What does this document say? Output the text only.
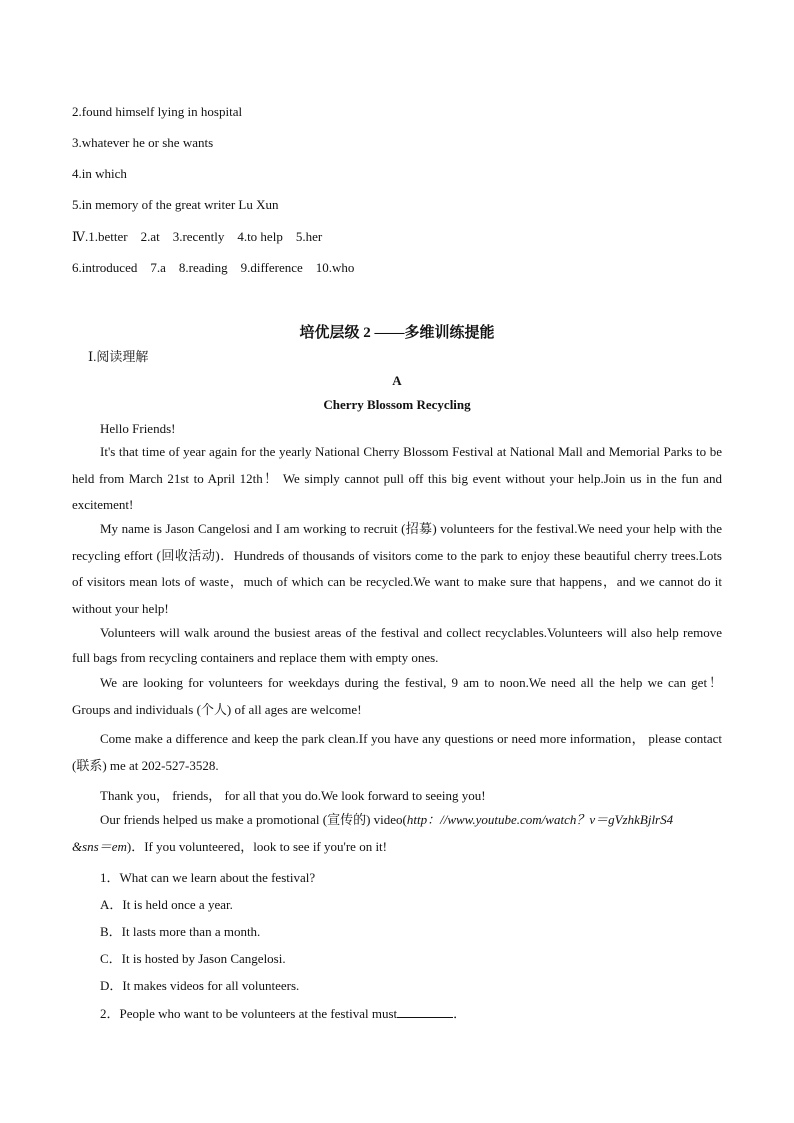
2.found himself lying in hospital
3.whatever he or she wants
4.in which
5.in memory of the great writer Lu Xun
Ⅳ.1.better    2.at    3.recently    4.to help    5.her
6.introduced    7.a    8.reading    9.difference    10.who
培优层级 2 ——多维训练提能
Ⅰ.阅读理解
A
Cherry Blossom Recycling
Hello Friends!
It's that time of year again for the yearly National Cherry Blossom Festival at National Mall and Memorial Parks to be held from March 21st to April 12th！ We simply cannot pull off this big event without your help.Join us in the fun and excitement!
My name is Jason Cangelosi and I am working to recruit (招募) volunteers for the festival.We need your help with the recycling effort (回收活动)．Hundreds of thousands of visitors come to the park to enjoy these beautiful cherry trees.Lots of visitors mean lots of waste，much of which can be recycled.We want to make sure that happens，and we cannot do it without your help!
Volunteers will walk around the busiest areas of the festival and collect recyclables.Volunteers will also help remove full bags from recycling containers and replace them with empty ones.
We are looking for volunteers for weekdays during the festival, 9 am to noon.We need all the help we can get！ Groups and individuals (个人) of all ages are welcome!
Come make a difference and keep the park clean.If you have any questions or need more information， please contact (联系) me at 202-527-3528.
Thank you， friends， for all that you do.We look forward to seeing you!
Our friends helped us make a promotional (宣传的) video(http：//www.youtube.com/watch？v＝gVzhkBjlrS4
&sns＝em)．If you volunteered，look to see if you're on it!
1．What can we learn about the festival?
A．It is held once a year.
B．It lasts more than a month.
C．It is hosted by Jason Cangelosi.
D．It makes videos for all volunteers.
2．People who want to be volunteers at the festival must	．
